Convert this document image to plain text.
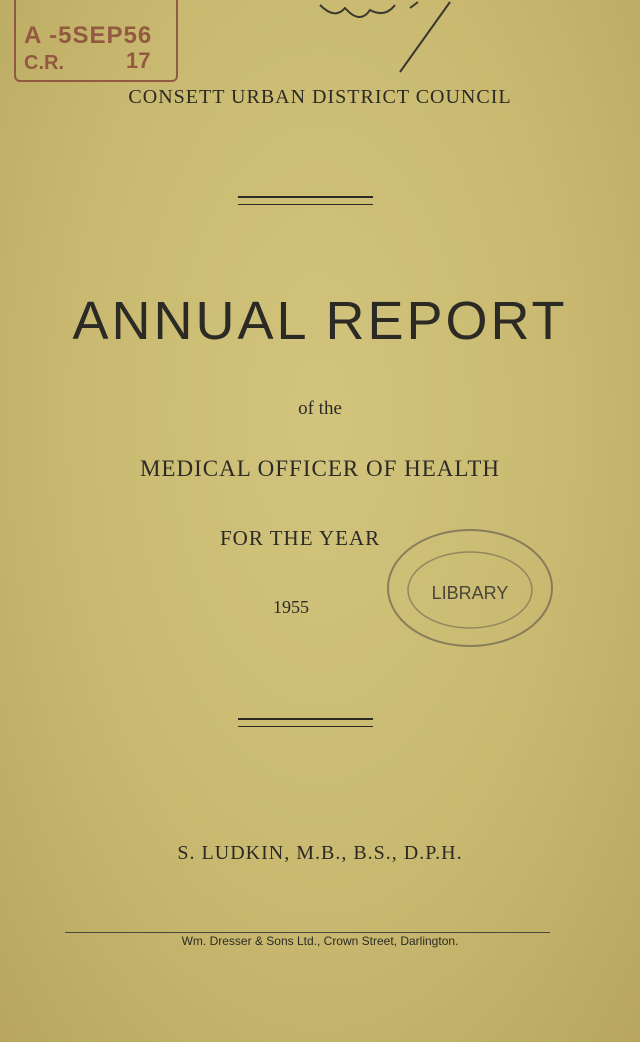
A -5SEP56
C.R.	17
CONSETT URBAN DISTRICT COUNCIL
ANNUAL REPORT
of the
MEDICAL OFFICER OF HEALTH
FOR THE YEAR
1955
LIBRARY
S. LUDKIN, M.B., B.S., D.P.H.
Wm. Dresser & Sons Ltd., Crown Street, Darlington.
